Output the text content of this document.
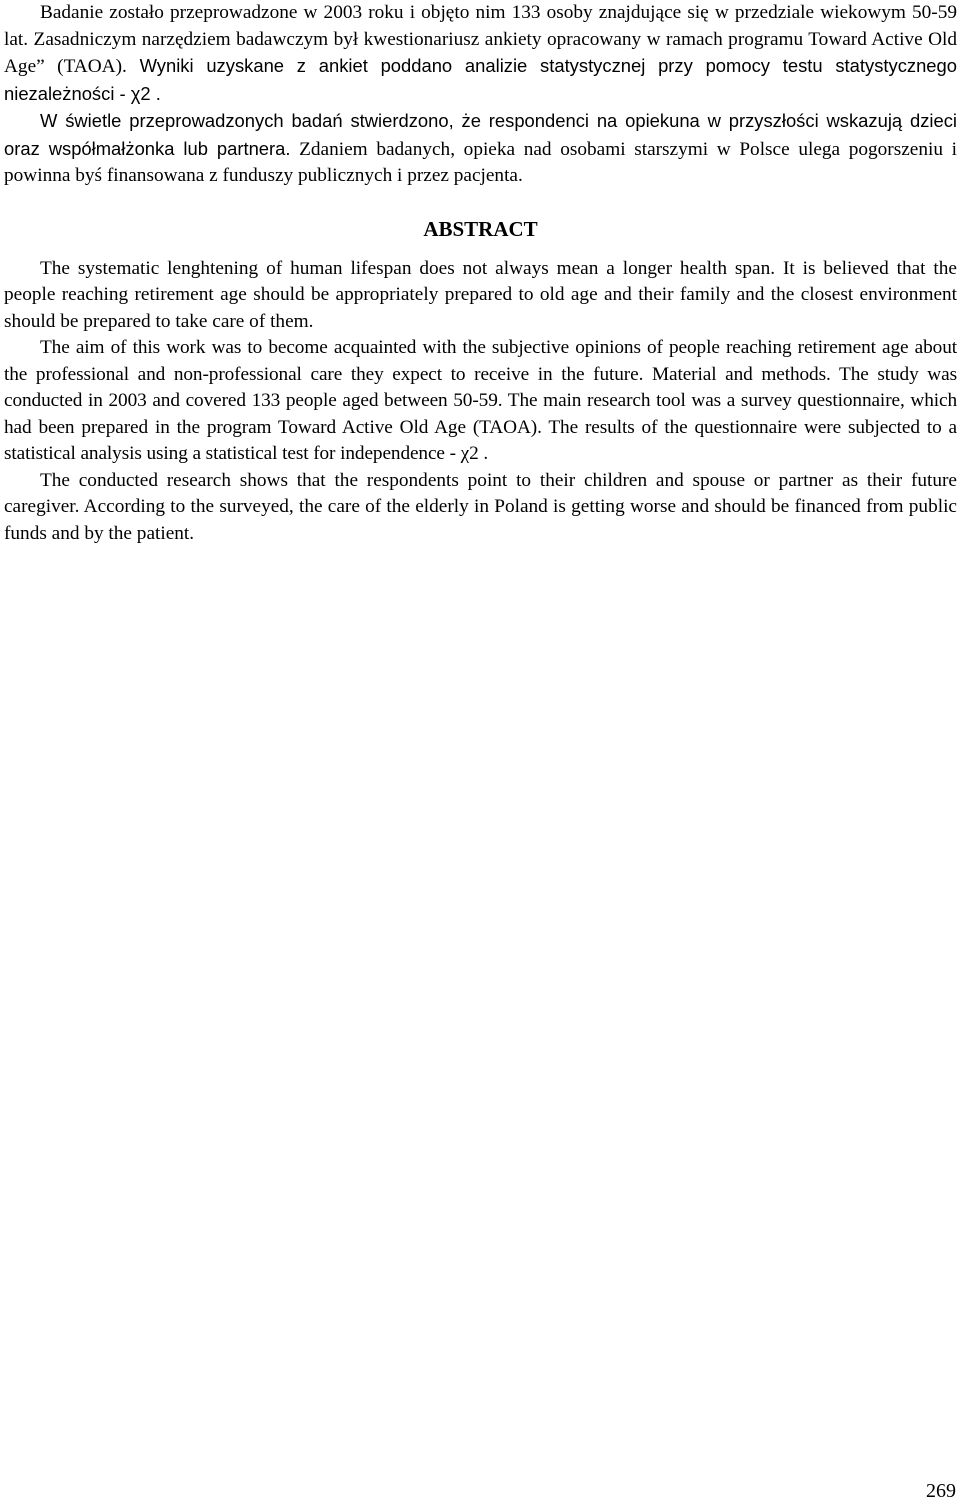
Badanie zostało przeprowadzone w 2003 roku i objęto nim 133 osoby znajdujące się w przedziale wiekowym 50-59 lat. Zasadniczym narzędziem badawczym był kwestionariusz ankiety opracowany w ramach programu Toward Active Old Age” (TAOA). Wyniki uzyskane z ankiet poddano analizie statystycznej przy pomocy testu statystycznego niezależności - χ2 .

W świetle przeprowadzonych badań stwierdzono, że respondenci na opiekuna w przyszłości wskazują dzieci oraz współmałżonka lub partnera. Zdaniem badanych, opieka nad osobami starszymi w Polsce ulega pogorszeniu i powinna byś finansowana z funduszy publicznych i przez pacjenta.

ABSTRACT

The systematic lenghtening of human lifespan does not always mean a longer health span. It is believed that the people reaching retirement age should be appropriately prepared to old age and their family and the closest environment should be prepared to take care of them.

The aim of this work was to become acquainted with the subjective opinions of people reaching retirement age about the professional and non-professional care they expect to receive in the future. Material and methods. The study was conducted in 2003 and covered 133 people aged between 50-59. The main research tool was a survey questionnaire, which had been prepared in the program Toward Active Old Age (TAOA). The results of the questionnaire were subjected to a statistical analysis using a statistical test for independence - χ2 .

The conducted research shows that the respondents point to their children and spouse or partner as their future caregiver. According to the surveyed, the care of the elderly in Poland is getting worse and should be financed from public funds and by the patient.

269
